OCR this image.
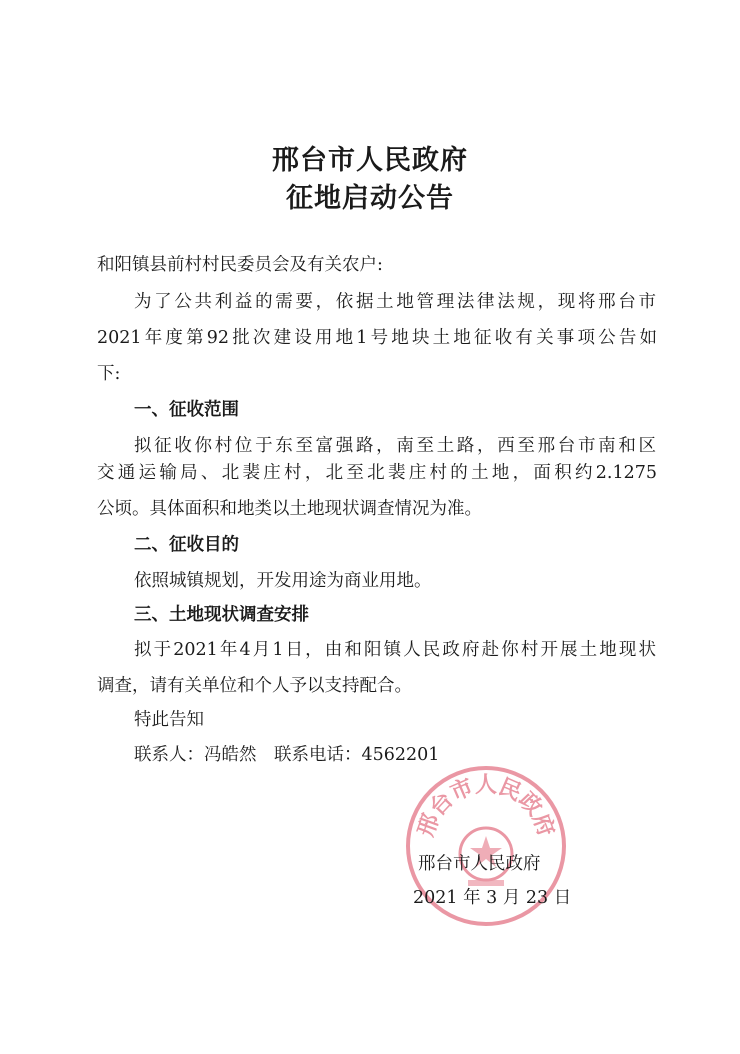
邢台市人民政府
征地启动公告
和阳镇县前村村民委员会及有关农户:
为了公共利益的需要，依据土地管理法律法规，现将邢台市
2021年度第92批次建设用地1号地块土地征收有关事项公告如
下:
一、征收范围
拟征收你村位于东至富强路，南至土路，西至邢台市南和区
交通运输局、北裴庄村，北至北裴庄村的土地，面积约2.1275
公顷。具体面积和地类以土地现状调查情况为准。
二、征收目的
依照城镇规划，开发用途为商业用地。
三、土地现状调查安排
拟于2021年4月1日，由和阳镇人民政府赴你村开展土地现状
调查，请有关单位和个人予以支持配合。
特此告知
联系人：冯皓然　联系电话：4562201
邢
台
市
人
民
政
府
邢台市人民政府
2021 年 3 月 23 日
